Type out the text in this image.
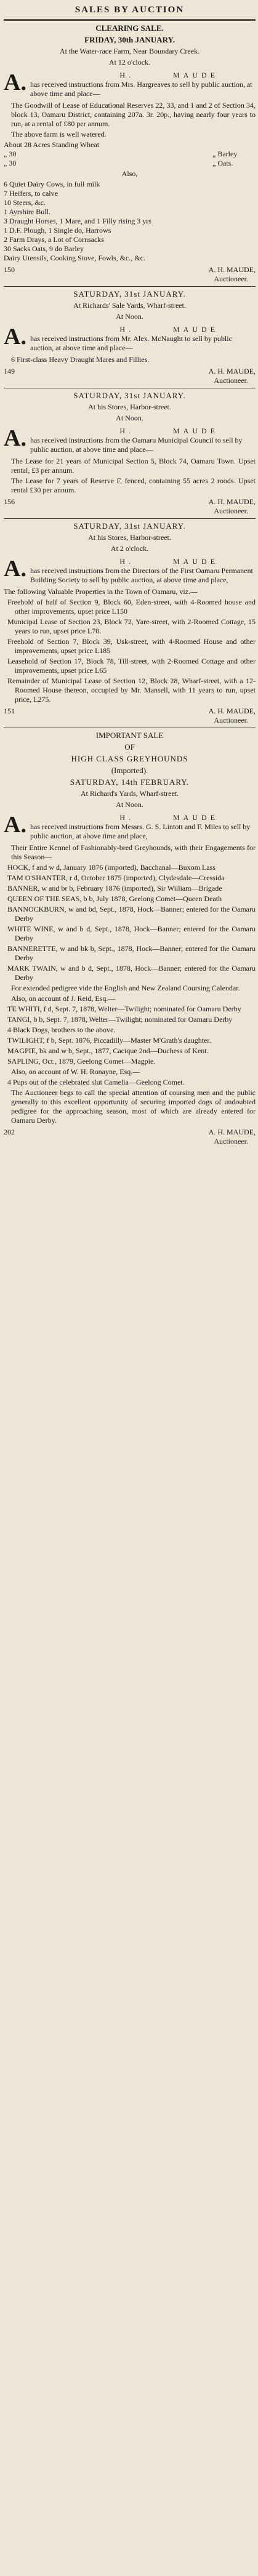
SALES BY AUCTION
CLEARING SALE.
FRIDAY, 30th JANUARY.
At the Water-race Farm, Near Boundary Creek.
At 12 o'clock.
A.	H.       MAUDE
has received instructions from Mrs. Hargreaves to sell by public auction, at above time and place—

The Goodwill of Lease of Educational Reserves 22, 33, and 1 and 2 of Section 34, block 13, Oamaru District, containing 207a. 3r. 20p., having nearly four years to run, at a rental of £80 per annum.

The above farm is well watered.

About 28 Acres Standing Wheat
„ 30	„ Barley
„ 30	„ Oats.

Also,

6 Quiet Dairy Cows, in full milk
7 Heifers, to calve
10 Steers, &c.
1 Ayrshire Bull.
3 Draught Horses, 1 Mare, and 1 Filly rising 3 yrs
1 D.F. Plough, 1 Single do, Harrows
2 Farm Drays, a Lot of Cornsacks
30 Sacks Oats, 9 do Barley
Dairy Utensils, Cooking Stove, Fowls, &c., &c.
150	A. H. MAUDE,
Auctioneer.
SATURDAY, 31st JANUARY.
At Richards' Sale Yards, Wharf-street.
At Noon.
A.	H.       MAUDE
has received instructions from Mr. Alex. McNaught to sell by public auction, at above time and place—

6 First-class Heavy Draught Mares and Fillies.

149	A. H. MAUDE,
Auctioneer.
SATURDAY, 31st JANUARY.
At his Stores, Harbor-street.
At Noon.
A.	H.       MAUDE
has received instructions from the Oamaru Municipal Council to sell by public auction, at above time and place—

The Lease for 21 years of Municipal Section 5, Block 74, Oamaru Town. Upset rental, £3 per annum.

The Lease for 7 years of Reserve F, fenced, containing 55 acres 2 roods. Upset rental £30 per annum.

156	A. H. MAUDE,
Auctioneer.
SATURDAY, 31st JANUARY.
At his Stores, Harbor-street.
At 2 o'clock.
A.	H.       MAUDE
has received instructions from the Directors of the First Oamaru Permanent Building Society to sell by public auction, at above time and place,

The following Valuable Properties in the Town of Oamaru, viz.—

Freehold of half of Section 9, Block 60, Eden-street, with 4-Roomed house and other improvements, upset price L150

Municipal Lease of Section 23, Block 72, Yare-street, with 2-Roomed Cottage, 15 years to run, upset price L70.

Freehold of Section 7, Block 39, Usk-street, with 4-Roomed House and other improvements, upset price L185

Leasehold of Section 17, Block 78, Till-street, with 2-Roomed Cottage and other improvements, upset price L65

Remainder of Municipal Lease of Section 12, Block 28, Wharf-street, with a 12-Roomed House thereon, occupied by Mr. Mansell, with 11 years to run, upset price, L275.

151	A. H. MAUDE,
Auctioneer.
IMPORTANT SALE
OF
HIGH CLASS GREYHOUNDS
(Imported).
SATURDAY, 14th FEBRUARY.
At Richard's Yards, Wharf-street.
At Noon.
A.	H.       MAUDE
has received instructions from Messrs. G. S. Lintott and F. Miles to sell by public auction, at above time and place,

Their Entire Kennel of Fashionably-bred Greyhounds, with their Engagements for this Season—

HOCK, f and w d, January 1876 (imported), Bacchanal—Buxom Lass

TAM O'SHANTER, r d, October 1875 (imported), Clydesdale—Cressida

BANNER, w and br b, February 1876 (imported), Sir William—Brigade

QUEEN OF THE SEAS, b b, July 1878, Geelong Comet—Queen Death

BANNOCKBURN, w and bd, Sept., 1878, Hock—Banner; entered for the Oamaru Derby

WHITE WINE, w and b d, Sept., 1878, Hock—Banner; entered for the Oamaru Derby

BANNERETTE, w and bk b, Sept., 1878, Hock—Banner; entered for the Oamaru Derby

MARK TWAIN, w and b d, Sept., 1878, Hock—Banner; entered for the Oamaru Derby

For extended pedigree vide the English and New Zealand Coursing Calendar.

Also, on account of J. Reid, Esq.—

TE WHITI, f d, Sept. 7, 1878, Welter—Twilight; nominated for Oamaru Derby

TANGI, b b, Sept. 7, 1878, Welter—Twilight; nominated for Oamaru Derby

4 Black Dogs, brothers to the above.

TWILIGHT, f b, Sept. 1876, Piccadilly—Master M'Grath's daughter.

MAGPIE, bk and w b, Sept., 1877, Cacique 2nd—Duchess of Kent.

SAPLING, Oct., 1879, Geelong Comet—Magpie.

Also, on account of W. H. Ronayne, Esq.—

4 Pups out of the celebrated slut Camelia—Geelong Comet.

The Auctioneer begs to call the special attention of coursing men and the public generally to this excellent opportunity of securing imported dogs of undoubted pedigree for the approaching season, most of which are already entered for Oamaru Derby.

202	A. H. MAUDE,
Auctioneer.
